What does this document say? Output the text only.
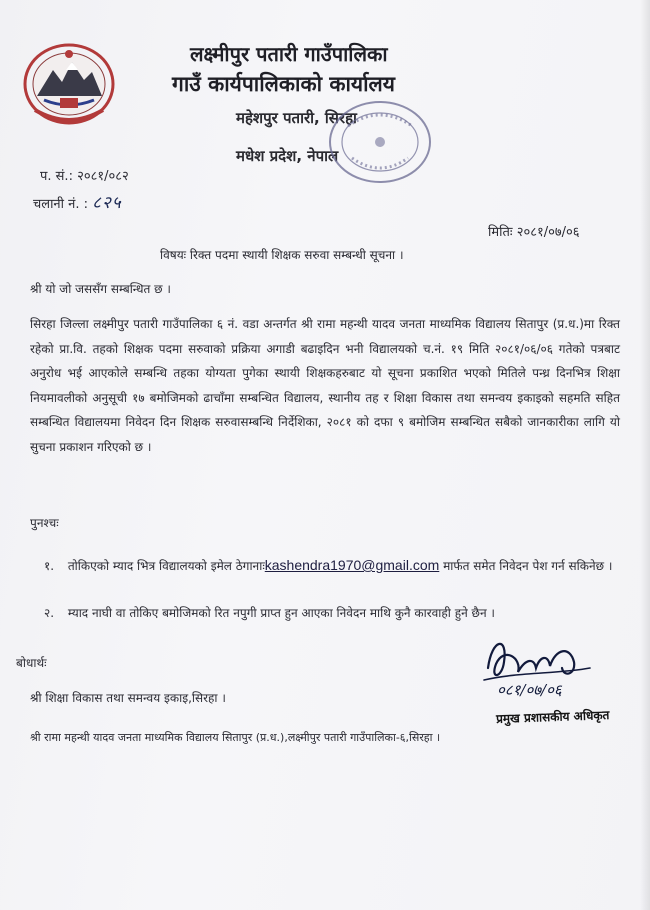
लक्ष्मीपुर पतारी गाउँपालिका
गाउँ कार्यपालिकाको कार्यालय
महेशपुर पतारी, सिरहा
मधेश प्रदेश, नेपाल
प. सं.: २०८१/०८२
चलानी नं. : ८२५
मितिः २०८१/०७/०६
विषयः रिक्त पदमा स्थायी शिक्षक सरुवा सम्बन्धी सूचना ।
श्री यो जो जससँग सम्बन्धित छ ।
सिरहा जिल्ला लक्ष्मीपुर पतारी गाउँपालिका ६ नं. वडा अन्तर्गत श्री रामा महन्थी यादव जनता माध्यमिक विद्यालय सितापुर (प्र.ध.)मा रिक्त रहेको प्रा.वि. तहको शिक्षक पदमा सरुवाको प्रक्रिया अगाडी बढाइदिन भनी विद्यालयको च.नं. १९ मिति २०८१/०६/०६ गतेको पत्रबाट अनुरोध भई आएकोले सम्बन्धि तहका योग्यता पुगेका स्थायी शिक्षकहरुबाट यो सूचना प्रकाशित भएको मितिले पन्ध्र दिनभित्र शिक्षा नियमावलीको अनुसूची १७ बमोजिमको ढाचाँमा सम्बन्धित विद्यालय, स्थानीय तह र शिक्षा विकास तथा समन्वय इकाइको सहमति सहित सम्बन्धित विद्यालयमा निवेदन दिन शिक्षक सरुवासम्बन्धि निर्देशिका, २०८१ को दफा ९ बमोजिम सम्बन्धित सबैको जानकारीका लागि यो सुचना प्रकाशन गरिएको छ ।
पुनश्चः
१. तोकिएको म्याद भित्र विद्यालयको इमेल ठेगानाःkashendra1970@gmail.com मार्फत समेत निवेदन पेश गर्न सकिनेछ ।
२. म्याद नाघी वा तोकिए बमोजिमको रित नपुगी प्राप्त हुन आएका निवेदन माथि कुनै कारवाही हुने छैन ।
बोधार्थः
०८१/०७/०६
प्रमुख प्रशासकीय अधिकृत
श्री शिक्षा विकास तथा समन्वय इकाइ,सिरहा ।
श्री रामा महन्थी यादव जनता माध्यमिक विद्यालय सितापुर (प्र.ध.),लक्ष्मीपुर पतारी गाउँपालिका-६,सिरहा ।
